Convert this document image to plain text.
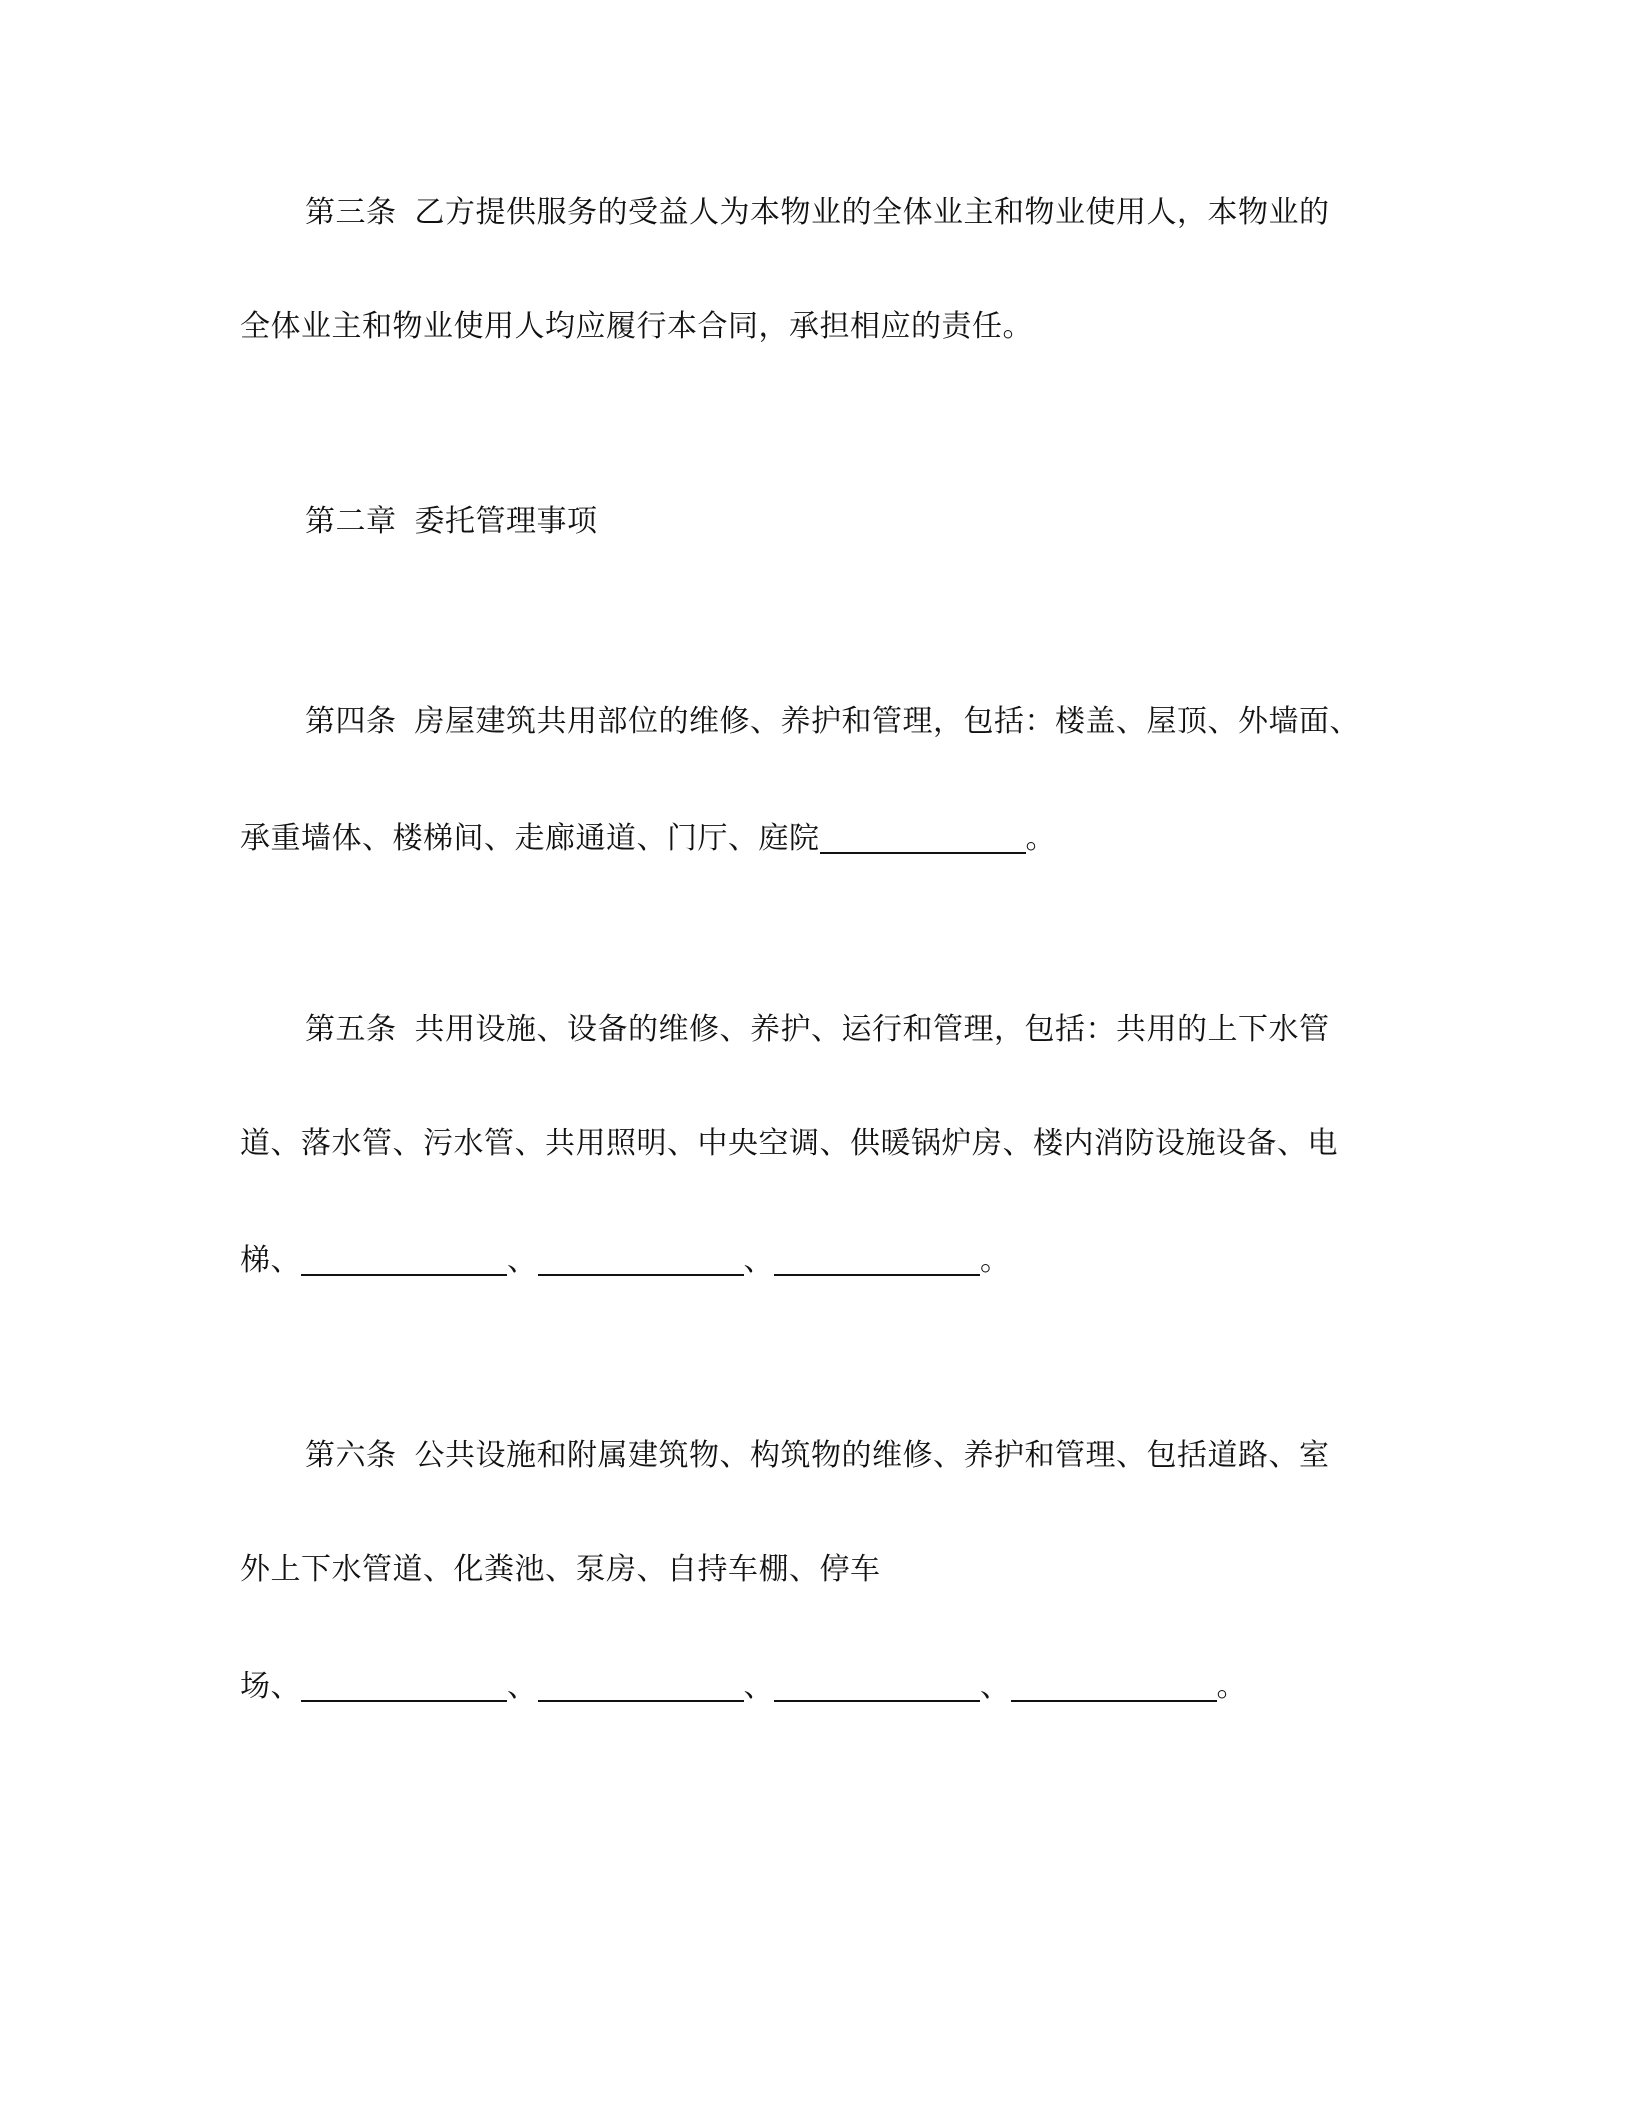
第三条 乙方提供服务的受益人为本物业的全体业主和物业使用人，本物业的
全体业主和物业使用人均应履行本合同，承担相应的责任。
第二章 委托管理事项
第四条 房屋建筑共用部位的维修、养护和管理，包括：楼盖、屋顶、外墙面、
承重墙体、楼梯间、走廊通道、门厅、庭院	。
第五条 共用设施、设备的维修、养护、运行和管理，包括：共用的上下水管
道、落水管、污水管、共用照明、中央空调、供暖锅炉房、楼内消防设施设备、电
梯、	、	、	。
第六条 公共设施和附属建筑物、构筑物的维修、养护和管理、包括道路、室
外上下水管道、化粪池、泵房、自持车棚、停车
场、	、	、	、	。
